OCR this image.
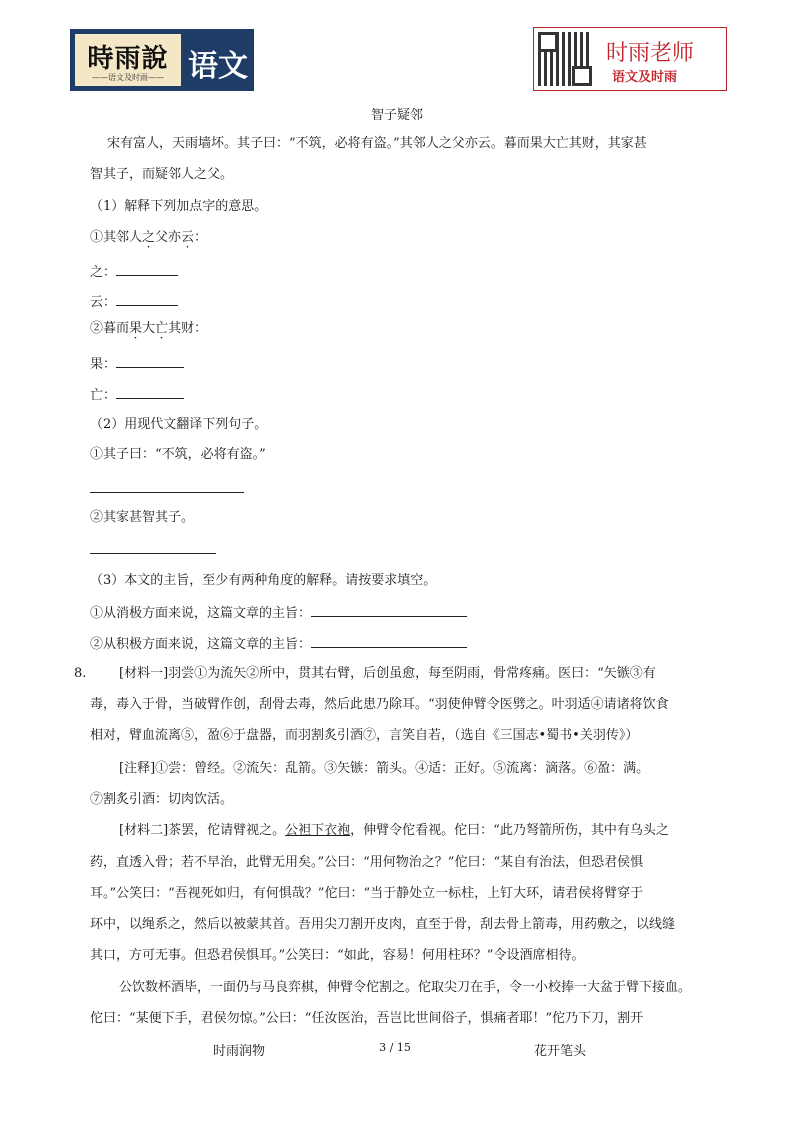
時雨說
——语文及时雨—— 语文	时雨老师
语文及时雨
智子疑邻
宋有富人，天雨墙坏。其子曰：“不筑，必将有盗。”其邻人之父亦云。暮而果大亡其财，其家甚
智其子，而疑邻人之父。
（1）解释下列加点字的意思。
①其邻人之父亦云：
之：
云：
②暮而果大亡其财：
果：
亡：
（2）用现代文翻译下列句子。
①其子曰：“不筑，必将有盗。”
②其家甚智其子。
（3）本文的主旨，至少有两种角度的解释。请按要求填空。
①从消极方面来说，这篇文章的主旨：
②从积极方面来说，这篇文章的主旨：
8.	[材料一]羽尝①为流矢②所中，贯其右臂，后创虽愈，每至阴雨，骨常疼痛。医曰：“矢镞③有
毒，毒入于骨，当破臂作创，刮骨去毒，然后此患乃除耳。“羽使伸臂令医劈之。叶羽适④请诸将饮食
相对，臂血流离⑤，盈⑥于盘器，而羽割炙引酒⑦，言笑自若，（选自《三国志•蜀书•关羽传》）
[注释]①尝：曾经。②流矢：乱箭。③矢镞：箭头。④适：正好。⑤流离：滴落。⑥盈：满。
⑦割炙引酒：切肉饮活。
[材料二]茶罢，佗请臂视之。公袒下衣袍，伸臂令佗看视。佗曰：“此乃弩箭所伤，其中有乌头之
药，直透入骨；若不早治，此臂无用矣。”公曰：“用何物治之？”佗曰：“某自有治法，但恐君侯惧
耳。”公笑曰：“吾视死如归，有何惧哉？”佗曰：“当于静处立一标柱，上钉大环，请君侯将臂穿于
环中，以绳系之，然后以被蒙其首。吾用尖刀割开皮肉，直至于骨，刮去骨上箭毒，用药敷之，以线缝
其口，方可无事。但恐君侯惧耳。”公笑曰：“如此，容易！何用柱环？”令设酒席相待。
公饮数杯酒毕，一面仍与马良弈棋，伸臂令佗割之。佗取尖刀在手，令一小校捧一大盆于臂下接血。
佗曰：“某便下手，君侯勿惊。”公曰：“任汝医治，吾岂比世间俗子，惧痛者耶！”佗乃下刀，割开
时雨润物	3 / 15	花开笔头
